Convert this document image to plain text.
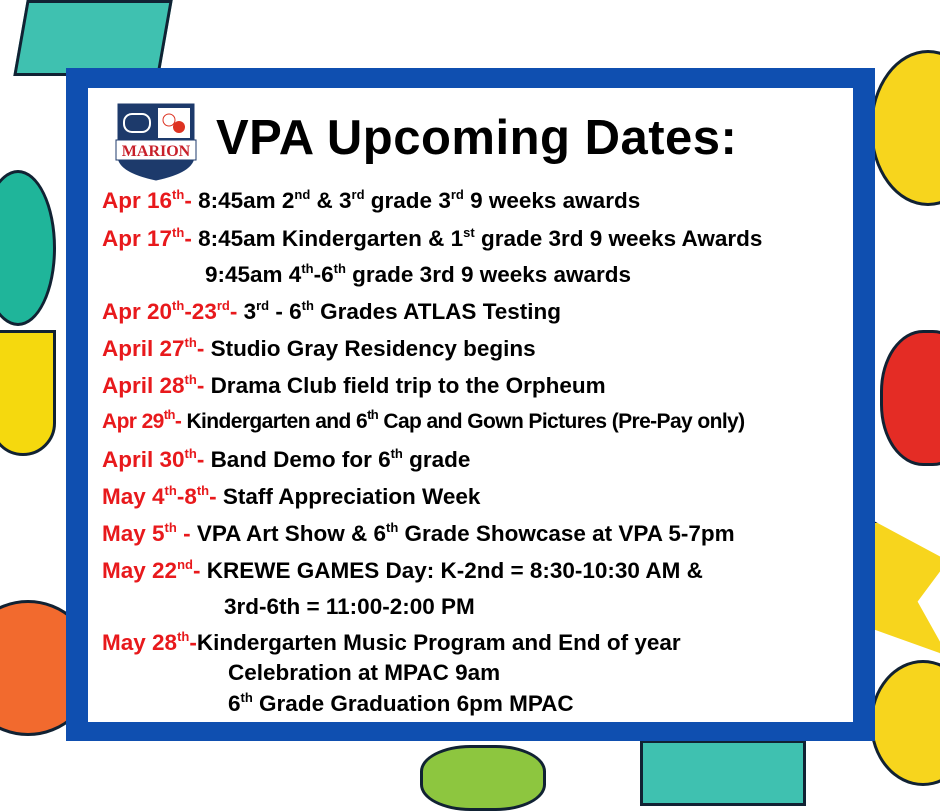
MARION VPA Upcoming Dates:
Apr 16th- 8:45am 2nd & 3rd grade 3rd 9 weeks awards
Apr 17th- 8:45am Kindergarten & 1st grade 3rd 9 weeks Awards
9:45am 4th-6th grade 3rd 9 weeks awards
Apr 20th-23rd- 3rd - 6th Grades ATLAS Testing
April 27th- Studio Gray Residency begins
April 28th- Drama Club field trip to the Orpheum
Apr 29th- Kindergarten and 6th Cap and Gown Pictures (Pre-Pay only)
April 30th- Band Demo for 6th grade
May 4th-8th- Staff Appreciation Week
May 5th - VPA Art Show & 6th Grade Showcase at VPA 5-7pm
May 22nd- KREWE GAMES Day: K-2nd = 8:30-10:30 AM &
3rd-6th = 11:00-2:00 PM
May 28th-Kindergarten Music Program and End of year
Celebration at MPAC 9am
6th Grade Graduation 6pm MPAC
